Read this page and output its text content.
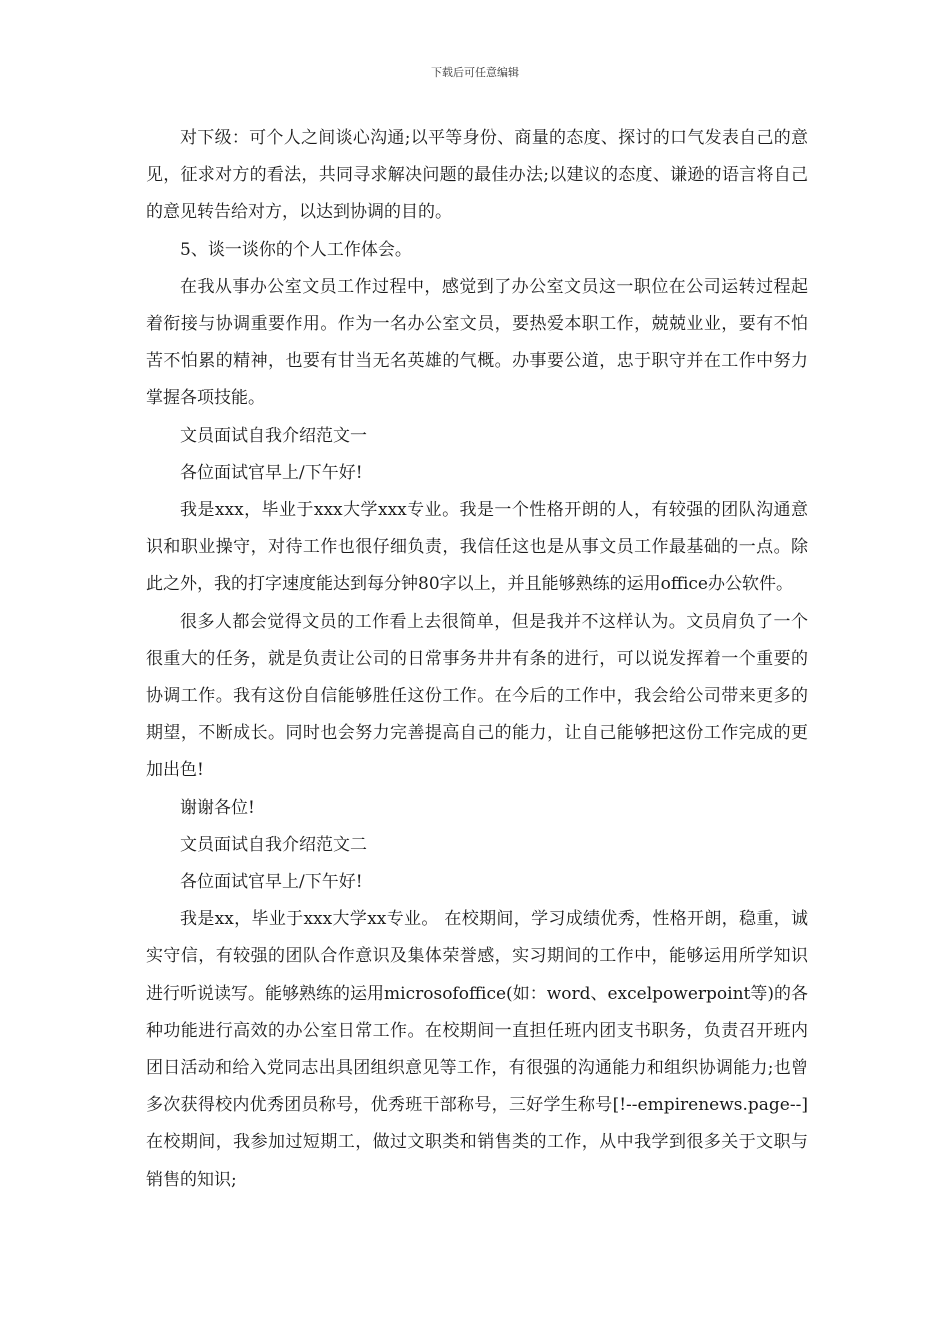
下载后可任意编辑

对下级：可个人之间谈心沟通;以平等身份、商量的态度、探讨的口气发表自己的意见，征求对方的看法，共同寻求解决问题的最佳办法;以建议的态度、谦逊的语言将自己的意见转告给对方，以达到协调的目的。

5、谈一谈你的个人工作体会。

在我从事办公室文员工作过程中，感觉到了办公室文员这一职位在公司运转过程起着衔接与协调重要作用。作为一名办公室文员，要热爱本职工作，兢兢业业，要有不怕苦不怕累的精神，也要有甘当无名英雄的气概。办事要公道，忠于职守并在工作中努力掌握各项技能。

文员面试自我介绍范文一

各位面试官早上/下午好!

我是xxx，毕业于xxx大学xxx专业。我是一个性格开朗的人，有较强的团队沟通意识和职业操守，对待工作也很仔细负责，我信任这也是从事文员工作最基础的一点。除此之外，我的打字速度能达到每分钟80字以上，并且能够熟练的运用office办公软件。

很多人都会觉得文员的工作看上去很简单，但是我并不这样认为。文员肩负了一个很重大的任务，就是负责让公司的日常事务井井有条的进行，可以说发挥着一个重要的协调工作。我有这份自信能够胜任这份工作。在今后的工作中，我会给公司带来更多的期望，不断成长。同时也会努力完善提高自己的能力，让自己能够把这份工作完成的更加出色!

谢谢各位!

文员面试自我介绍范文二

各位面试官早上/下午好!

我是xx，毕业于xxx大学xx专业。 在校期间，学习成绩优秀，性格开朗，稳重，诚实守信，有较强的团队合作意识及集体荣誉感，实习期间的工作中，能够运用所学知识进行听说读写。能够熟练的运用microsofoffice(如：word、excelpowerpoint等)的各种功能进行高效的办公室日常工作。在校期间一直担任班内团支书职务，负责召开班内团日活动和给入党同志出具团组织意见等工作，有很强的沟通能力和组织协调能力;也曾多次获得校内优秀团员称号，优秀班干部称号，三好学生称号[!--empirenews.page--]　　在校期间，我参加过短期工，做过文职类和销售类的工作，从中我学到很多关于文职与销售的知识;
